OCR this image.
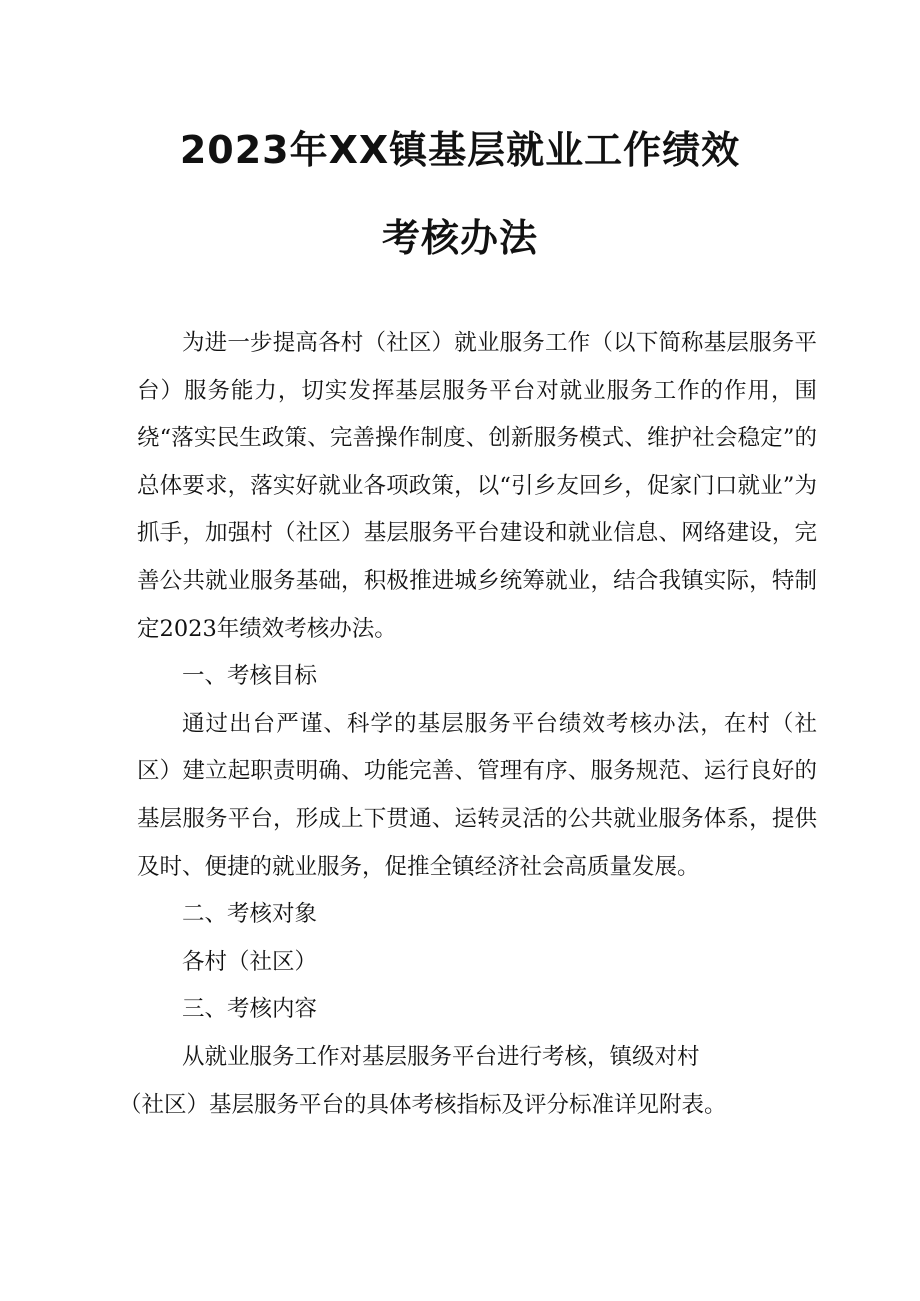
2023年XX镇基层就业工作绩效
考核办法

为进一步提高各村（社区）就业服务工作（以下简称基层服务平台）服务能力，切实发挥基层服务平台对就业服务工作的作用，围绕“落实民生政策、完善操作制度、创新服务模式、维护社会稳定”的总体要求，落实好就业各项政策，以“引乡友回乡，促家门口就业”为抓手，加强村（社区）基层服务平台建设和就业信息、网络建设，完善公共就业服务基础，积极推进城乡统筹就业，结合我镇实际，特制定2023年绩效考核办法。

一、考核目标

通过出台严谨、科学的基层服务平台绩效考核办法，在村（社区）建立起职责明确、功能完善、管理有序、服务规范、运行良好的基层服务平台，形成上下贯通、运转灵活的公共就业服务体系，提供及时、便捷的就业服务，促推全镇经济社会高质量发展。

二、考核对象

各村（社区）

三、考核内容

从就业服务工作对基层服务平台进行考核，镇级对村

（社区）基层服务平台的具体考核指标及评分标准详见附表。
